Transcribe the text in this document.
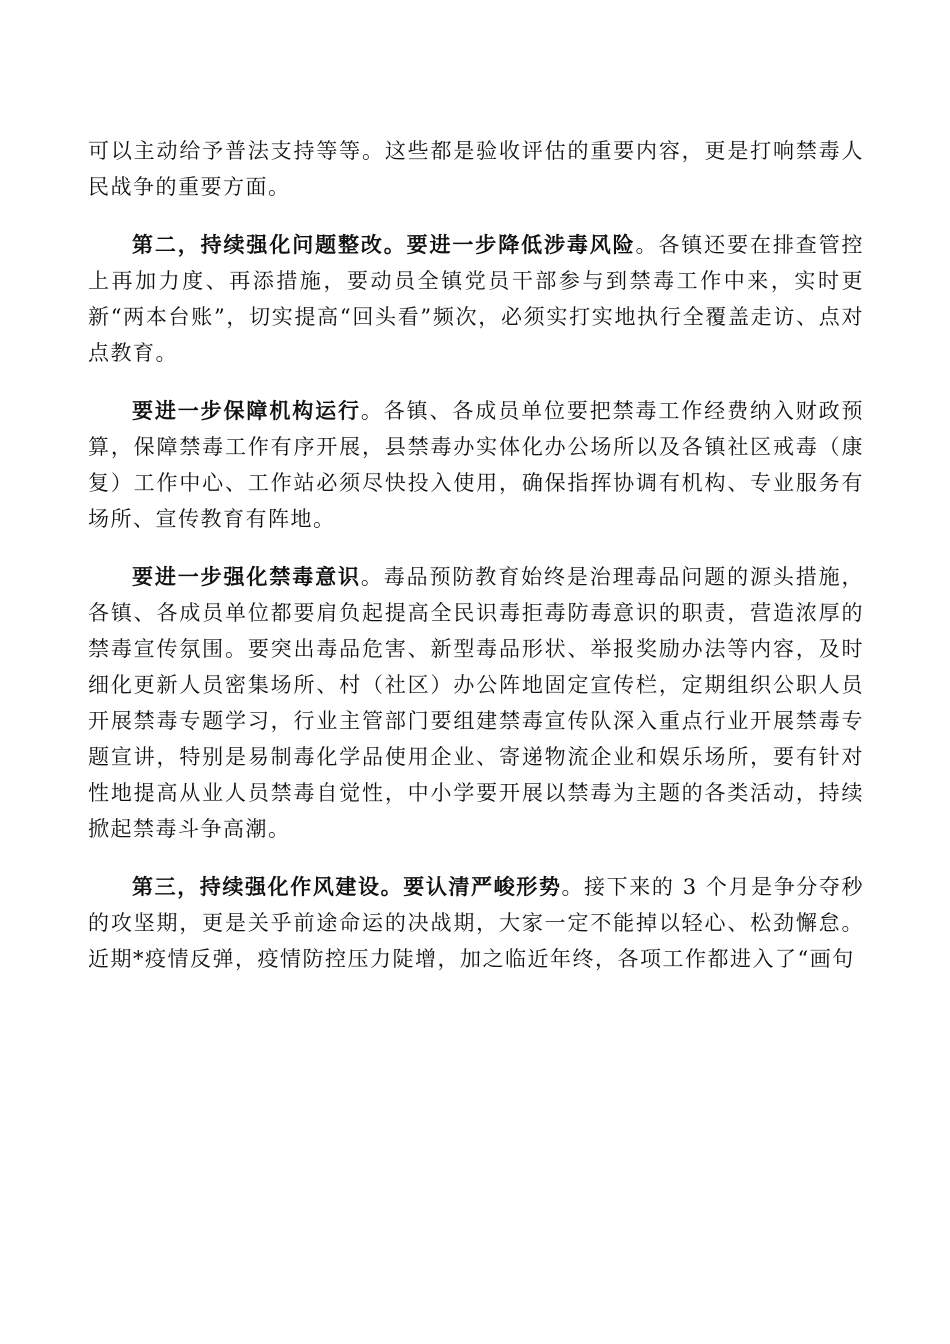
可以主动给予普法支持等等。这些都是验收评估的重要内容，更是打响禁毒人民战争的重要方面。

第二，持续强化问题整改。要进一步降低涉毒风险。各镇还要在排查管控上再加力度、再添措施，要动员全镇党员干部参与到禁毒工作中来，实时更新“两本台账”，切实提高“回头看”频次，必须实打实地执行全覆盖走访、点对点教育。

要进一步保障机构运行。各镇、各成员单位要把禁毒工作经费纳入财政预算，保障禁毒工作有序开展，县禁毒办实体化办公场所以及各镇社区戒毒（康复）工作中心、工作站必须尽快投入使用，确保指挥协调有机构、专业服务有场所、宣传教育有阵地。

要进一步强化禁毒意识。毒品预防教育始终是治理毒品问题的源头措施，各镇、各成员单位都要肩负起提高全民识毒拒毒防毒意识的职责，营造浓厚的禁毒宣传氛围。要突出毒品危害、新型毒品形状、举报奖励办法等内容，及时细化更新人员密集场所、村（社区）办公阵地固定宣传栏，定期组织公职人员开展禁毒专题学习，行业主管部门要组建禁毒宣传队深入重点行业开展禁毒专题宣讲，特别是易制毒化学品使用企业、寄递物流企业和娱乐场所，要有针对性地提高从业人员禁毒自觉性，中小学要开展以禁毒为主题的各类活动，持续掀起禁毒斗争高潮。

第三，持续强化作风建设。要认清严峻形势。接下来的 3 个月是争分夺秒的攻坚期，更是关乎前途命运的决战期，大家一定不能掉以轻心、松劲懈怠。近期*疫情反弹，疫情防控压力陡增，加之临近年终，各项工作都进入了“画句
